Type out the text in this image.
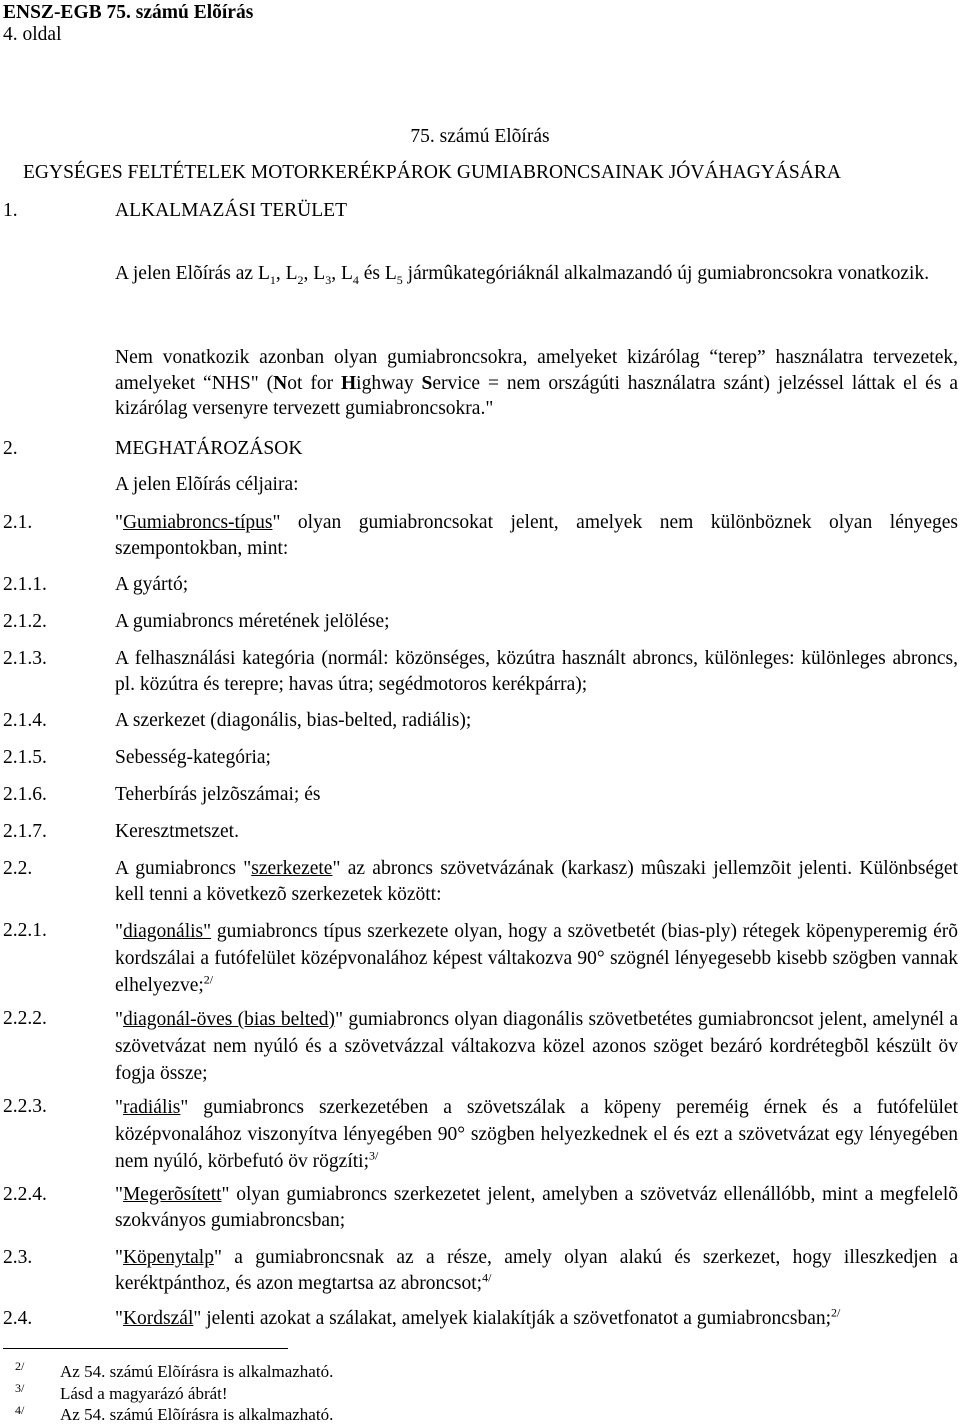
ENSZ-EGB 75. számú Elõírás
4. oldal
75. számú Elõírás
EGYSÉGES FELTÉTELEK MOTORKERÉKPÁROK GUMIABRONCSAINAK JÓVÁHAGYÁSÁRA
1.	ALKALMAZÁSI TERÜLET
A jelen Elõírás az $L_1$, $L_2$, $L_3$, $L_4$ és $L_5$ jármûkategóriáknál alkalmazandó új gumiabroncsokra vonatkozik.
Nem vonatkozik azonban olyan gumiabroncsokra, amelyeket kizárólag “terep” használatra tervezetek, amelyeket “NHS" (Not for Highway Service = nem országúti használatra szánt) jelzéssel láttak el és a kizárólag versenyre tervezett gumiabroncsokra."
2.	MEGHATÁROZÁSOK
A jelen Elõírás céljaira:
2.1.	"Gumiabroncs-típus" olyan gumiabroncsokat jelent, amelyek nem különböznek olyan lényeges szempontokban, mint:
2.1.1.	A gyártó;
2.1.2.	A gumiabroncs méretének jelölése;
2.1.3.	A felhasználási kategória (normál: közönséges, közútra használt abroncs, különleges: különleges abroncs, pl. közútra és terepre; havas útra; segédmotoros kerékpárra);
2.1.4.	A szerkezet (diagonális, bias-belted, radiális);
2.1.5.	Sebesség-kategória;
2.1.6.	Teherbírás jelzõszámai; és
2.1.7.	Keresztmetszet.
2.2.	A gumiabroncs "szerkezete" az abroncs szövetvázának (karkasz) mûszaki jellemzõit jelenti. Különbséget kell tenni a következõ szerkezetek között:
2.2.1.	"diagonális" gumiabroncs típus szerkezete olyan, hogy a szövetbetét (bias-ply) rétegek köpenyperemig érõ kordszálai a futófelület középvonalához képest váltakozva 90° szögnél lényegesebb kisebb szögben vannak elhelyezve;$^{2/}$
2.2.2.	"diagonál-öves (bias belted)" gumiabroncs olyan diagonális szövetbetétes gumiabroncsot jelent, amelynél a szövetvázat nem nyúló és a szövetvázzal váltakozva közel azonos szöget bezáró kordrétegbõl készült öv fogja össze;
2.2.3.	"radiális" gumiabroncs szerkezetében a szövetszálak a köpeny pereméig érnek és a futófelület középvonalához viszonyítva lényegében 90° szögben helyezkednek el és ezt a szövetvázat egy lényegében nem nyúló, körbefutó öv rögzíti;$^{3/}$
2.2.4.	"Megerõsített" olyan gumiabroncs szerkezetet jelent, amelyben a szövetváz ellenállóbb, mint a megfelelõ szokványos gumiabroncsban;
2.3.	"Köpenytalp" a gumiabroncsnak az a része, amely olyan alakú és szerkezet, hogy illeszkedjen a keréktpánthoz, és azon megtartsa az abroncsot;$^{4/}$
2.4.	"Kordszál" jelenti azokat a szálakat, amelyek kialakítják a szövetfonatot a gumiabroncsban;$^{2/}$
2/ Az 54. számú Elõírásra is alkalmazható.
3/ Lásd a magyarázó ábrát!
4/ Az 54. számú Elõírásra is alkalmazható.
